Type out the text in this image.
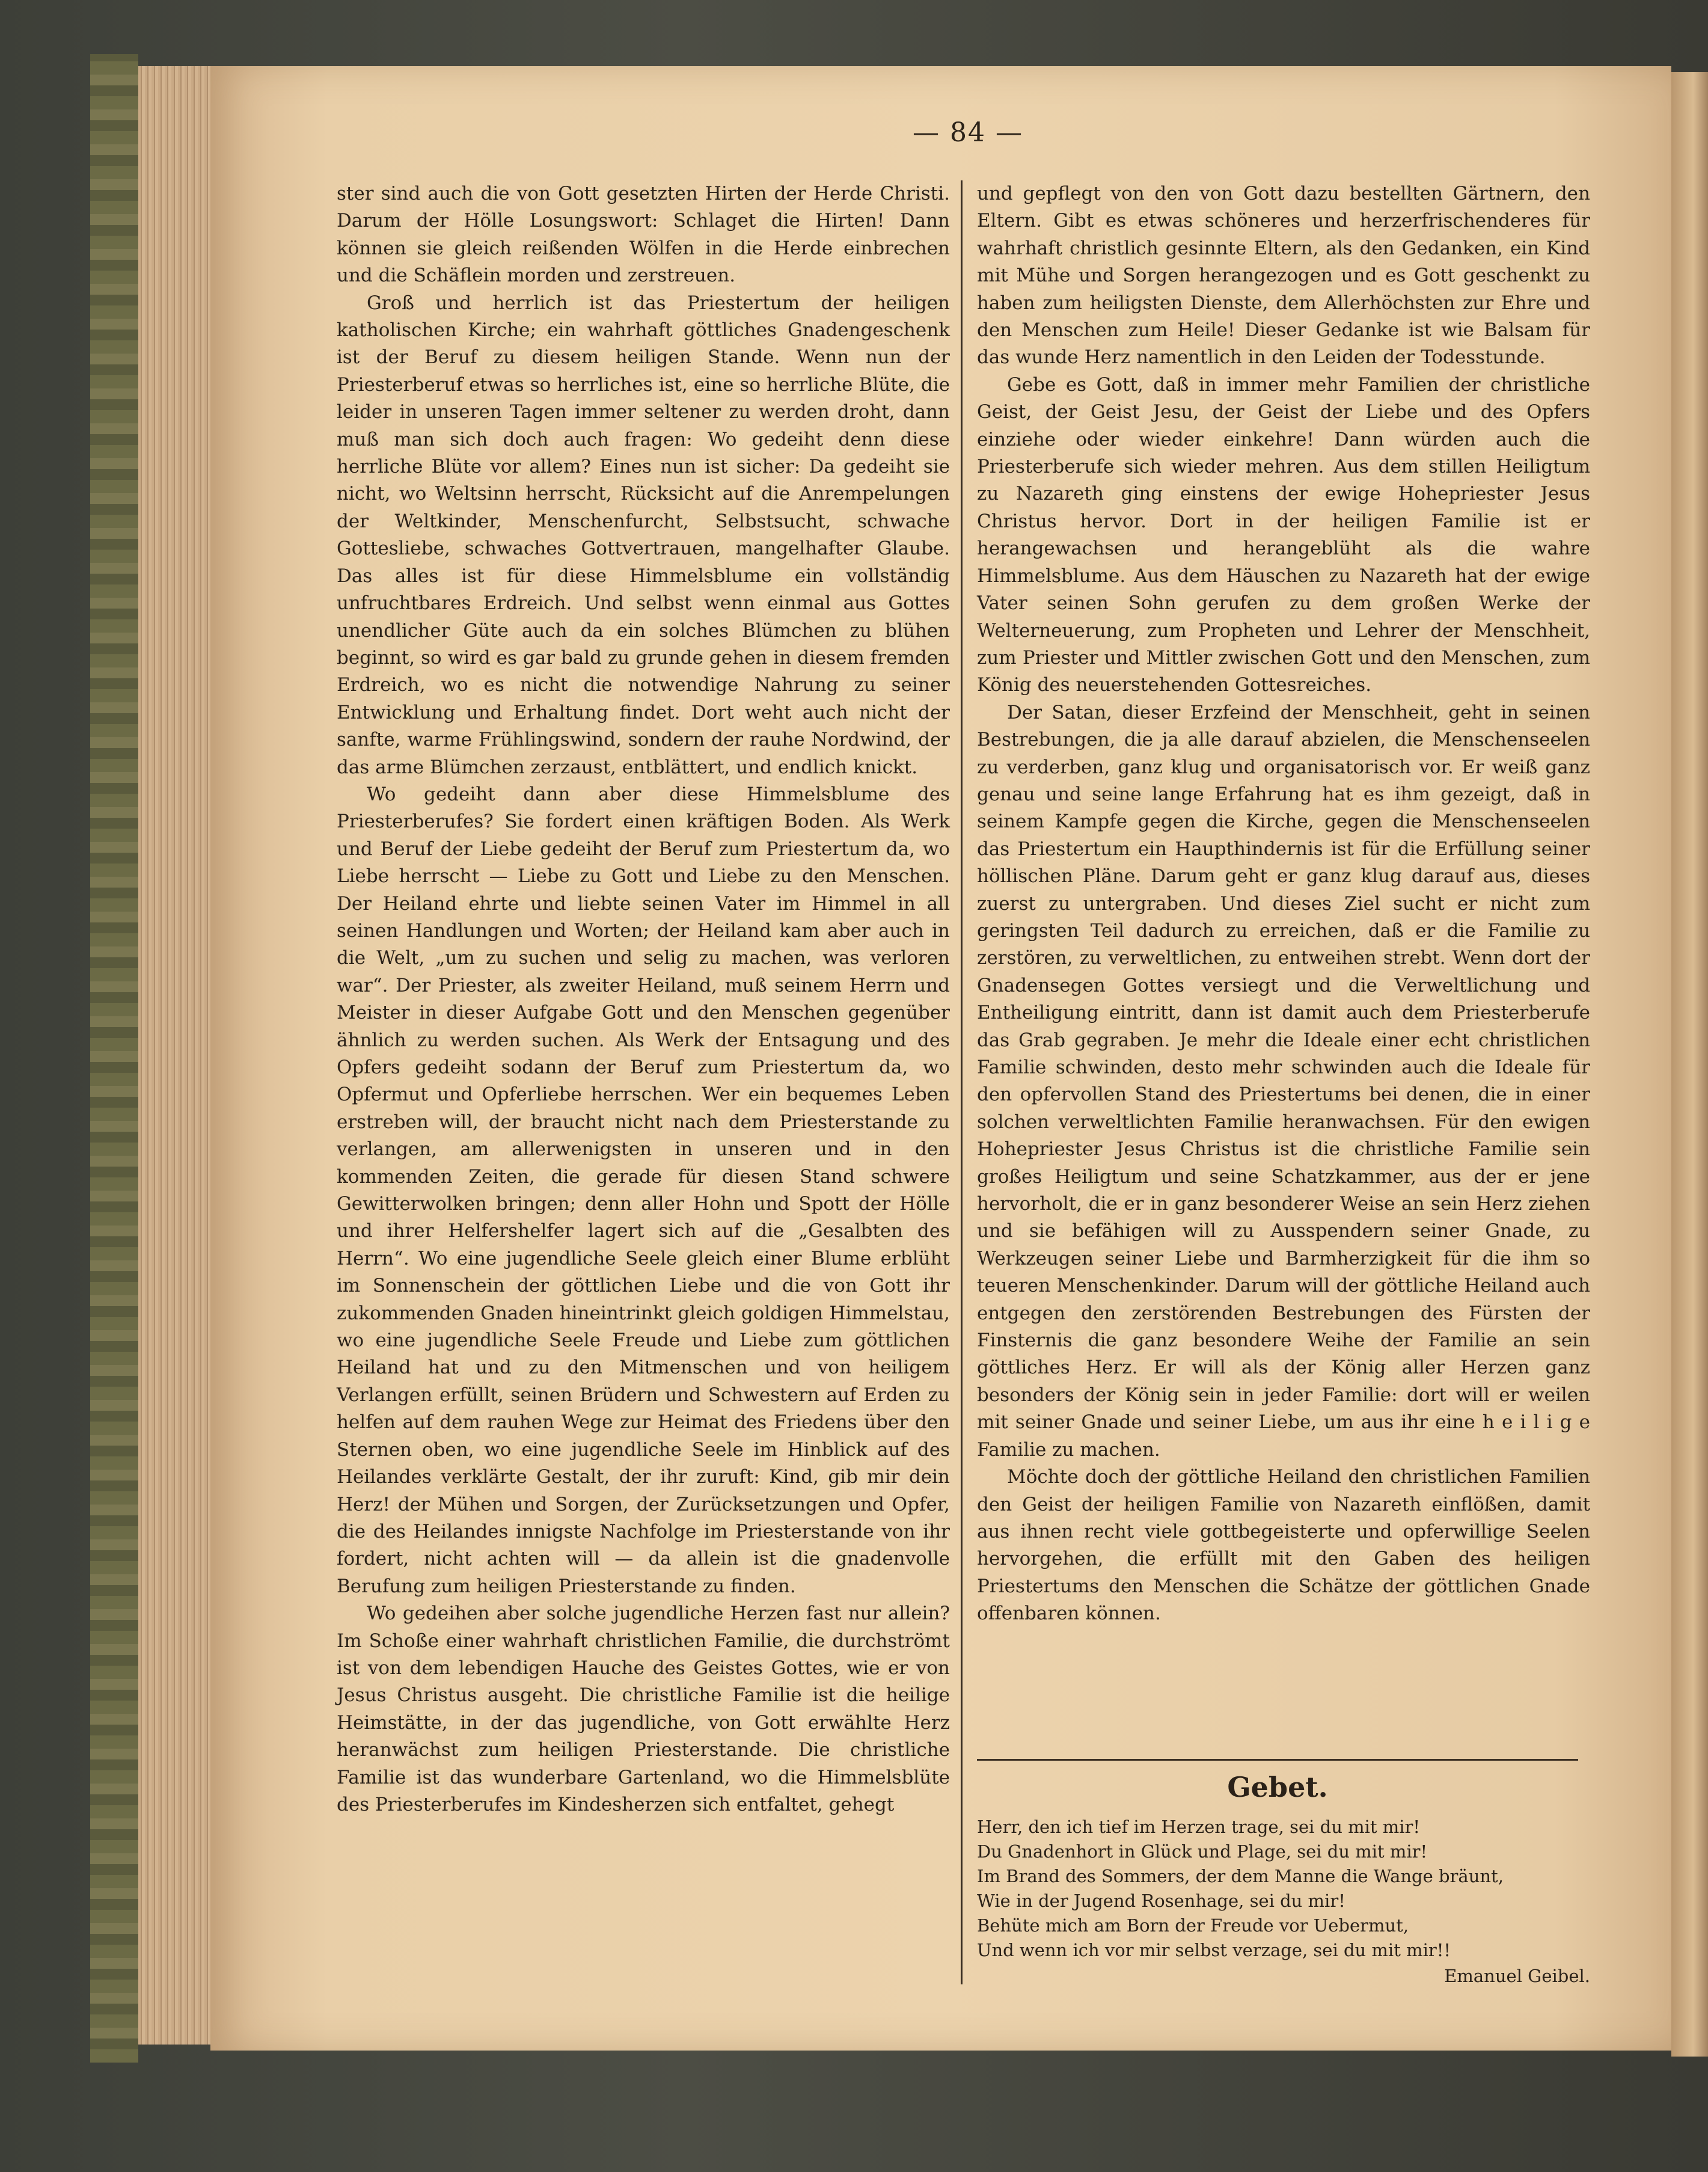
— 84 —

ster sind auch die von Gott gesetzten Hirten der Herde Christi. Darum der Hölle Losungswort: Schlaget die Hirten! Dann können sie gleich reißenden Wölfen in die Herde einbrechen und die Schäflein morden und zerstreuen.

Groß und herrlich ist das Priestertum der heiligen katholischen Kirche; ein wahrhaft göttliches Gnadengeschenk ist der Beruf zu diesem heiligen Stande. Wenn nun der Priesterberuf etwas so herrliches ist, eine so herrliche Blüte, die leider in unseren Tagen immer seltener zu werden droht, dann muß man sich doch auch fragen: Wo gedeiht denn diese herrliche Blüte vor allem? Eines nun ist sicher: Da gedeiht sie nicht, wo Weltsinn herrscht, Rücksicht auf die Anrempelungen der Weltkinder, Menschenfurcht, Selbstsucht, schwache Gottesliebe, schwaches Gottvertrauen, mangelhafter Glaube. Das alles ist für diese Himmelsblume ein vollständig unfruchtbares Erdreich. Und selbst wenn einmal aus Gottes unendlicher Güte auch da ein solches Blümchen zu blühen beginnt, so wird es gar bald zu grunde gehen in diesem fremden Erdreich, wo es nicht die notwendige Nahrung zu seiner Entwicklung und Erhaltung findet. Dort weht auch nicht der sanfte, warme Frühlingswind, sondern der rauhe Nordwind, der das arme Blümchen zerzaust, entblättert, und endlich knickt.

Wo gedeiht dann aber diese Himmelsblume des Priesterberufes? Sie fordert einen kräftigen Boden. Als Werk und Beruf der Liebe gedeiht der Beruf zum Priestertum da, wo Liebe herrscht — Liebe zu Gott und Liebe zu den Menschen. Der Heiland ehrte und liebte seinen Vater im Himmel in all seinen Handlungen und Worten; der Heiland kam aber auch in die Welt, „um zu suchen und selig zu machen, was verloren war“. Der Priester, als zweiter Heiland, muß seinem Herrn und Meister in dieser Aufgabe Gott und den Menschen gegenüber ähnlich zu werden suchen. Als Werk der Entsagung und des Opfers gedeiht sodann der Beruf zum Priestertum da, wo Opfermut und Opferliebe herrschen. Wer ein bequemes Leben erstreben will, der braucht nicht nach dem Priesterstande zu verlangen, am allerwenigsten in unseren und in den kommenden Zeiten, die gerade für diesen Stand schwere Gewitterwolken bringen; denn aller Hohn und Spott der Hölle und ihrer Helfershelfer lagert sich auf die „Gesalbten des Herrn“. Wo eine jugendliche Seele gleich einer Blume erblüht im Sonnenschein der göttlichen Liebe und die von Gott ihr zukommenden Gnaden hineintrinkt gleich goldigen Himmelstau, wo eine jugendliche Seele Freude und Liebe zum göttlichen Heiland hat und zu den Mitmenschen und von heiligem Verlangen erfüllt, seinen Brüdern und Schwestern auf Erden zu helfen auf dem rauhen Wege zur Heimat des Friedens über den Sternen oben, wo eine jugendliche Seele im Hinblick auf des Heilandes verklärte Gestalt, der ihr zuruft: Kind, gib mir dein Herz! der Mühen und Sorgen, der Zurücksetzungen und Opfer, die des Heilandes innigste Nachfolge im Priesterstande von ihr fordert, nicht achten will — da allein ist die gnadenvolle Berufung zum heiligen Priesterstande zu finden.

Wo gedeihen aber solche jugendliche Herzen fast nur allein? Im Schoße einer wahrhaft christlichen Familie, die durchströmt ist von dem lebendigen Hauche des Geistes Gottes, wie er von Jesus Christus ausgeht. Die christliche Familie ist die heilige Heimstätte, in der das jugendliche, von Gott erwählte Herz heranwächst zum heiligen Priesterstande. Die christliche Familie ist das wunderbare Gartenland, wo die Himmelsblüte des Priesterberufes im Kindesherzen sich entfaltet, gehegt

und gepflegt von den von Gott dazu bestellten Gärtnern, den Eltern. Gibt es etwas schöneres und herzerfrischenderes für wahrhaft christlich gesinnte Eltern, als den Gedanken, ein Kind mit Mühe und Sorgen herangezogen und es Gott geschenkt zu haben zum heiligsten Dienste, dem Allerhöchsten zur Ehre und den Menschen zum Heile! Dieser Gedanke ist wie Balsam für das wunde Herz namentlich in den Leiden der Todesstunde.

Gebe es Gott, daß in immer mehr Familien der christliche Geist, der Geist Jesu, der Geist der Liebe und des Opfers einziehe oder wieder einkehre! Dann würden auch die Priesterberufe sich wieder mehren. Aus dem stillen Heiligtum zu Nazareth ging einstens der ewige Hohepriester Jesus Christus hervor. Dort in der heiligen Familie ist er herangewachsen und herangeblüht als die wahre Himmelsblume. Aus dem Häuschen zu Nazareth hat der ewige Vater seinen Sohn gerufen zu dem großen Werke der Welterneuerung, zum Propheten und Lehrer der Menschheit, zum Priester und Mittler zwischen Gott und den Menschen, zum König des neuerstehenden Gottesreiches.

Der Satan, dieser Erzfeind der Menschheit, geht in seinen Bestrebungen, die ja alle darauf abzielen, die Menschenseelen zu verderben, ganz klug und organisatorisch vor. Er weiß ganz genau und seine lange Erfahrung hat es ihm gezeigt, daß in seinem Kampfe gegen die Kirche, gegen die Menschenseelen das Priestertum ein Haupthindernis ist für die Erfüllung seiner höllischen Pläne. Darum geht er ganz klug darauf aus, dieses zuerst zu untergraben. Und dieses Ziel sucht er nicht zum geringsten Teil dadurch zu erreichen, daß er die Familie zu zerstören, zu verweltlichen, zu entweihen strebt. Wenn dort der Gnadensegen Gottes versiegt und die Verweltlichung und Entheiligung eintritt, dann ist damit auch dem Priesterberufe das Grab gegraben. Je mehr die Ideale einer echt christlichen Familie schwinden, desto mehr schwinden auch die Ideale für den opfervollen Stand des Priestertums bei denen, die in einer solchen verweltlichten Familie heranwachsen. Für den ewigen Hohepriester Jesus Christus ist die christliche Familie sein großes Heiligtum und seine Schatzkammer, aus der er jene hervorholt, die er in ganz besonderer Weise an sein Herz ziehen und sie befähigen will zu Ausspendern seiner Gnade, zu Werkzeugen seiner Liebe und Barmherzigkeit für die ihm so teueren Menschenkinder. Darum will der göttliche Heiland auch entgegen den zerstörenden Bestrebungen des Fürsten der Finsternis die ganz besondere Weihe der Familie an sein göttliches Herz. Er will als der König aller Herzen ganz besonders der König sein in jeder Familie: dort will er weilen mit seiner Gnade und seiner Liebe, um aus ihr eine h e i l i g e Familie zu machen.

Möchte doch der göttliche Heiland den christlichen Familien den Geist der heiligen Familie von Nazareth einflößen, damit aus ihnen recht viele gottbegeisterte und opferwillige Seelen hervorgehen, die erfüllt mit den Gaben des heiligen Priestertums den Menschen die Schätze der göttlichen Gnade offenbaren können.

Gebet.
Herr, den ich tief im Herzen trage, sei du mit mir!
Du Gnadenhort in Glück und Plage, sei du mit mir!
Im Brand des Sommers, der dem Manne die Wange bräunt,
Wie in der Jugend Rosenhage, sei du mir!
Behüte mich am Born der Freude vor Uebermut,
Und wenn ich vor mir selbst verzage, sei du mit mir!!
Emanuel Geibel.
